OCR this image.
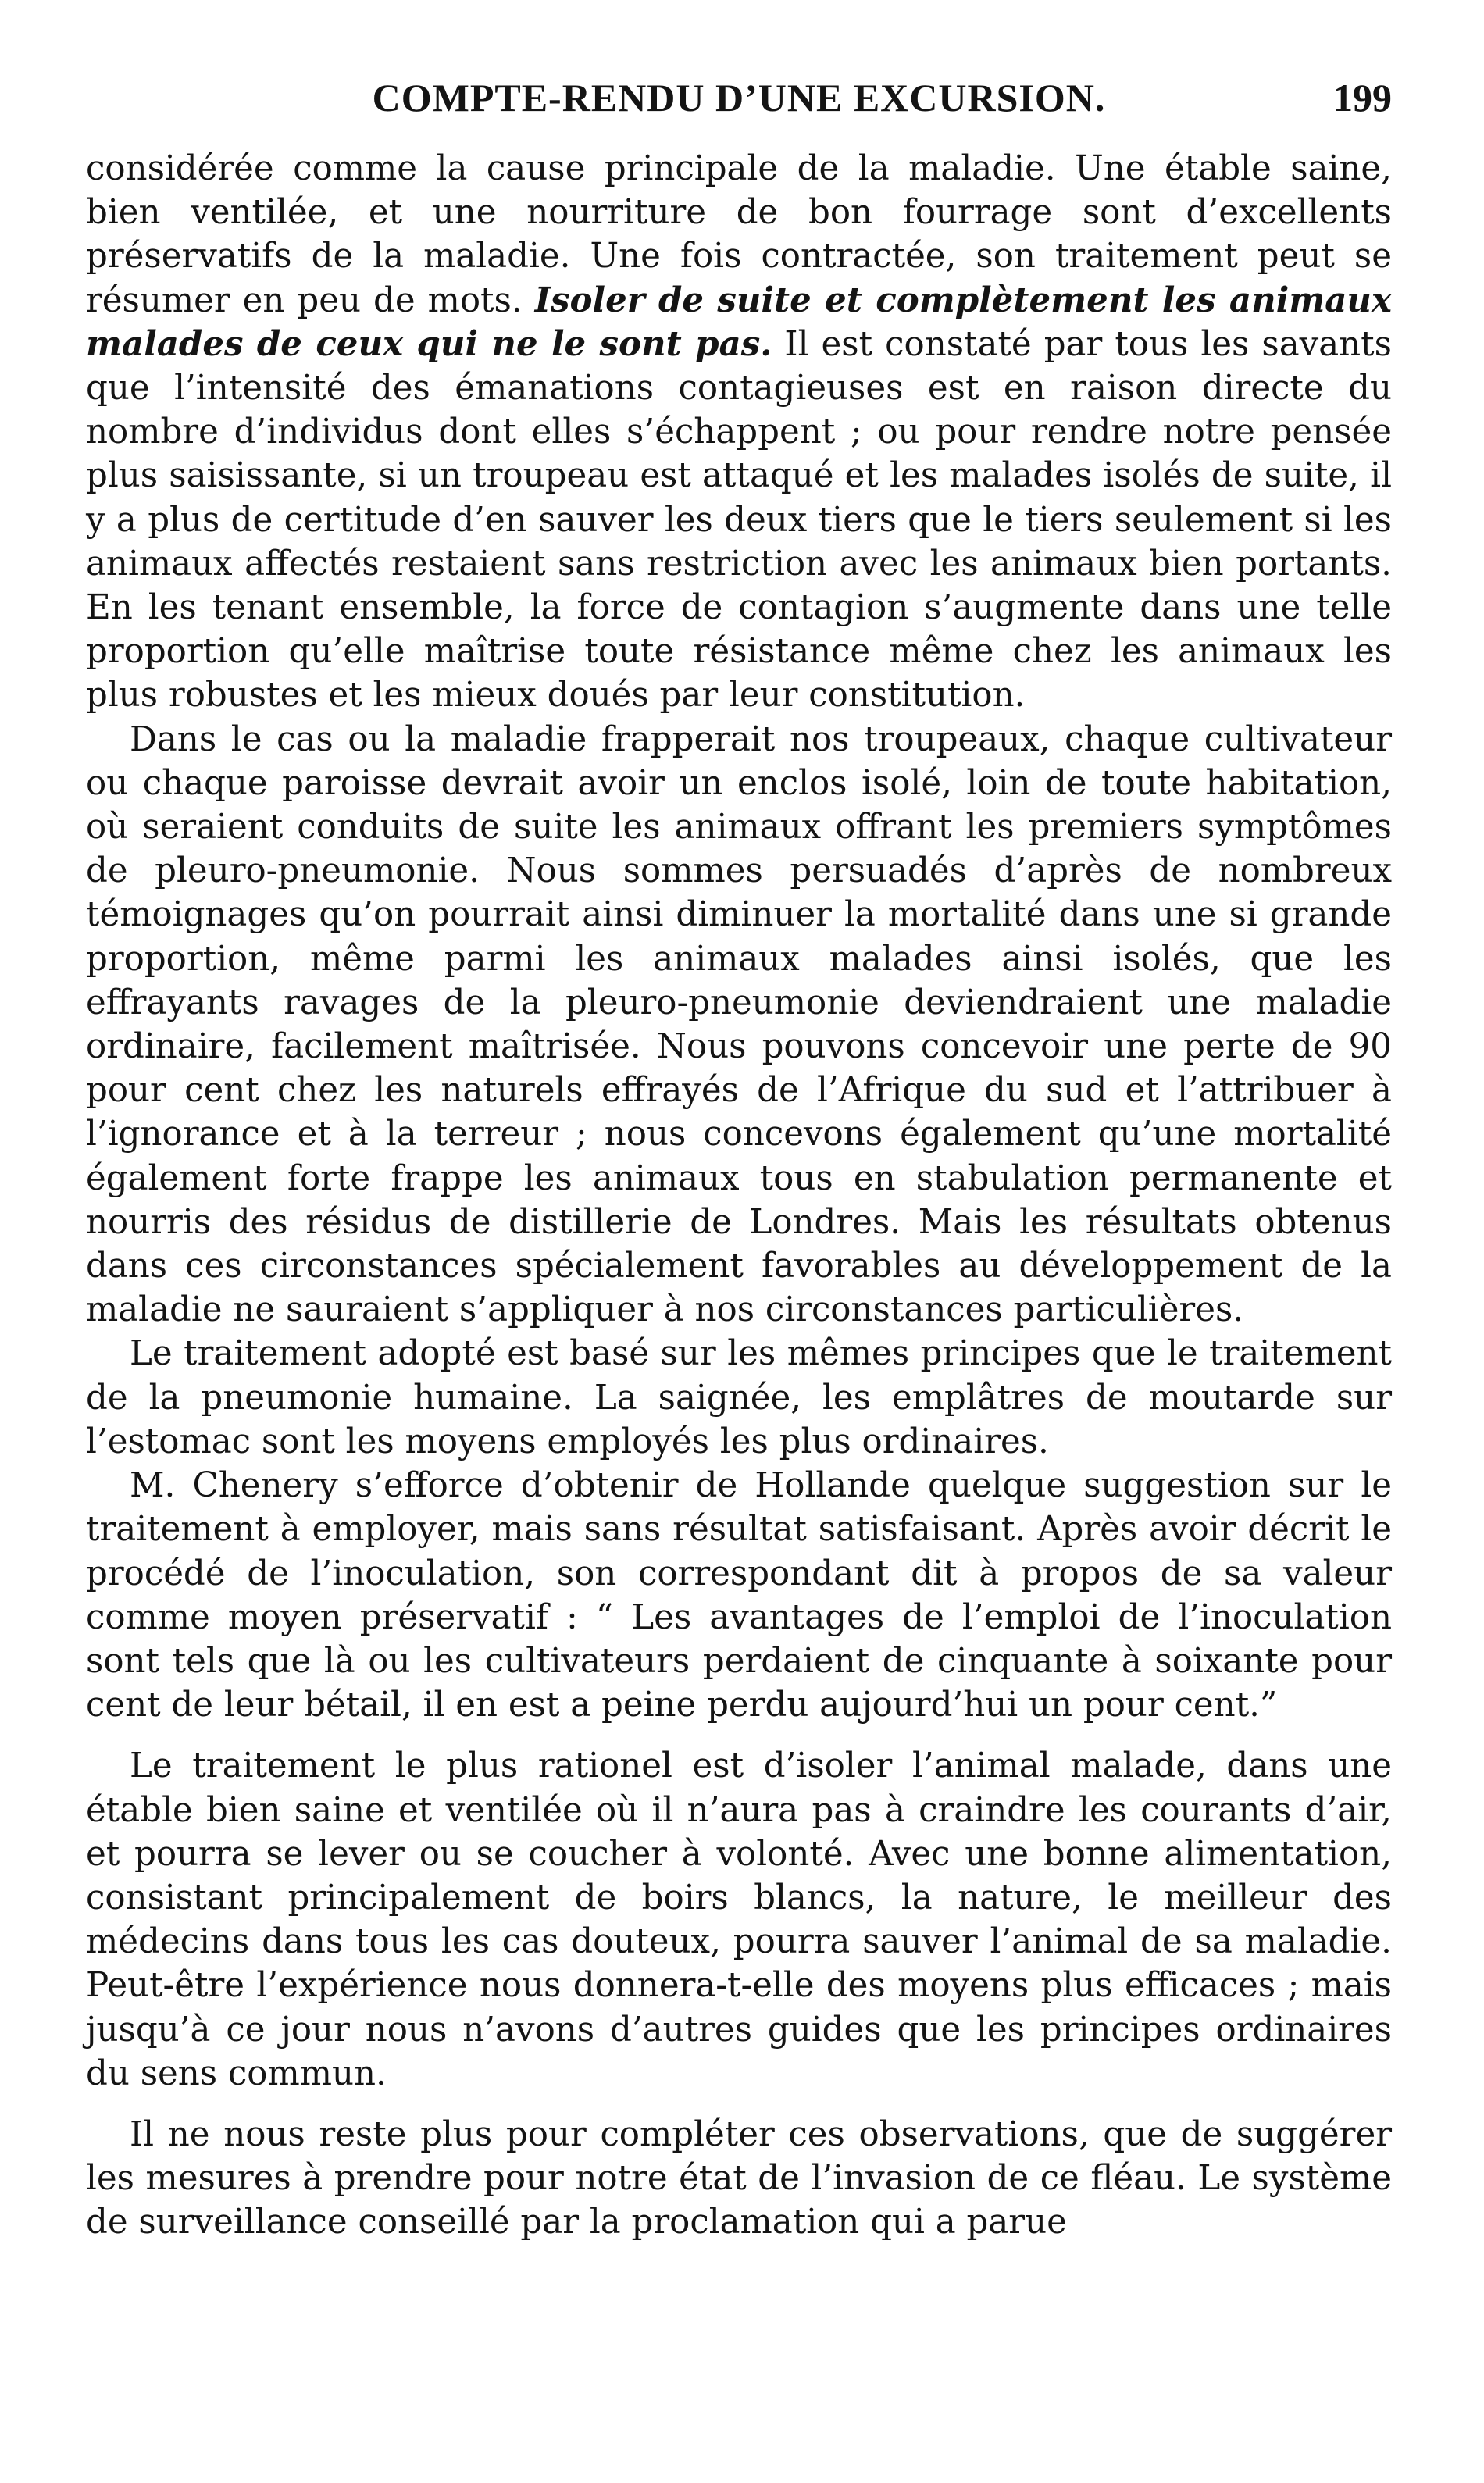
COMPTE-RENDU D’UNE EXCURSION.	199

considérée comme la cause principale de la maladie. Une étable saine, bien ventilée, et une nourriture de bon fourrage sont d’excellents préservatifs de la maladie. Une fois contractée, son traitement peut se résumer en peu de mots. Isoler de suite et complètement les animaux malades de ceux qui ne le sont pas. Il est constaté par tous les savants que l’intensité des émanations contagieuses est en raison directe du nombre d’individus dont elles s’échappent ; ou pour rendre notre pensée plus saisissante, si un troupeau est attaqué et les malades isolés de suite, il y a plus de certitude d’en sauver les deux tiers que le tiers seulement si les animaux affectés restaient sans restriction avec les animaux bien portants. En les tenant ensemble, la force de contagion s’augmente dans une telle proportion qu’elle maîtrise toute résistance même chez les animaux les plus robustes et les mieux doués par leur constitution.

Dans le cas ou la maladie frapperait nos troupeaux, chaque cultivateur ou chaque paroisse devrait avoir un enclos isolé, loin de toute habitation, où seraient conduits de suite les animaux offrant les premiers symptômes de pleuro-pneumonie. Nous sommes persuadés d’après de nombreux témoignages qu’on pourrait ainsi diminuer la mortalité dans une si grande proportion, même parmi les animaux malades ainsi isolés, que les effrayants ravages de la pleuro-pneumonie deviendraient une maladie ordinaire, facilement maîtrisée. Nous pouvons concevoir une perte de 90 pour cent chez les naturels effrayés de l’Afrique du sud et l’attribuer à l’ignorance et à la terreur ; nous concevons également qu’une mortalité également forte frappe les animaux tous en stabulation permanente et nourris des résidus de distillerie de Londres. Mais les résultats obtenus dans ces circonstances spécialement favorables au développement de la maladie ne sauraient s’appliquer à nos circonstances particulières.

Le traitement adopté est basé sur les mêmes principes que le traitement de la pneumonie humaine. La saignée, les emplâtres de moutarde sur l’estomac sont les moyens employés les plus ordinaires.

M. Chenery s’efforce d’obtenir de Hollande quelque suggestion sur le traitement à employer, mais sans résultat satisfaisant. Après avoir décrit le procédé de l’inoculation, son correspondant dit à propos de sa valeur comme moyen préservatif : “ Les avantages de l’emploi de l’inoculation sont tels que là ou les cultivateurs perdaient de cinquante à soixante pour cent de leur bétail, il en est a peine perdu aujourd’hui un pour cent.”

Le traitement le plus rationel est d’isoler l’animal malade, dans une étable bien saine et ventilée où il n’aura pas à craindre les courants d’air, et pourra se lever ou se coucher à volonté. Avec une bonne alimentation, consistant principalement de boirs blancs, la nature, le meilleur des médecins dans tous les cas douteux, pourra sauver l’animal de sa maladie. Peut-être l’expérience nous donnera-t-elle des moyens plus efficaces ; mais jusqu’à ce jour nous n’avons d’autres guides que les principes ordinaires du sens commun.

Il ne nous reste plus pour compléter ces observations, que de suggérer les mesures à prendre pour notre état de l’invasion de ce fléau. Le système de surveillance conseillé par la proclamation qui a parue
